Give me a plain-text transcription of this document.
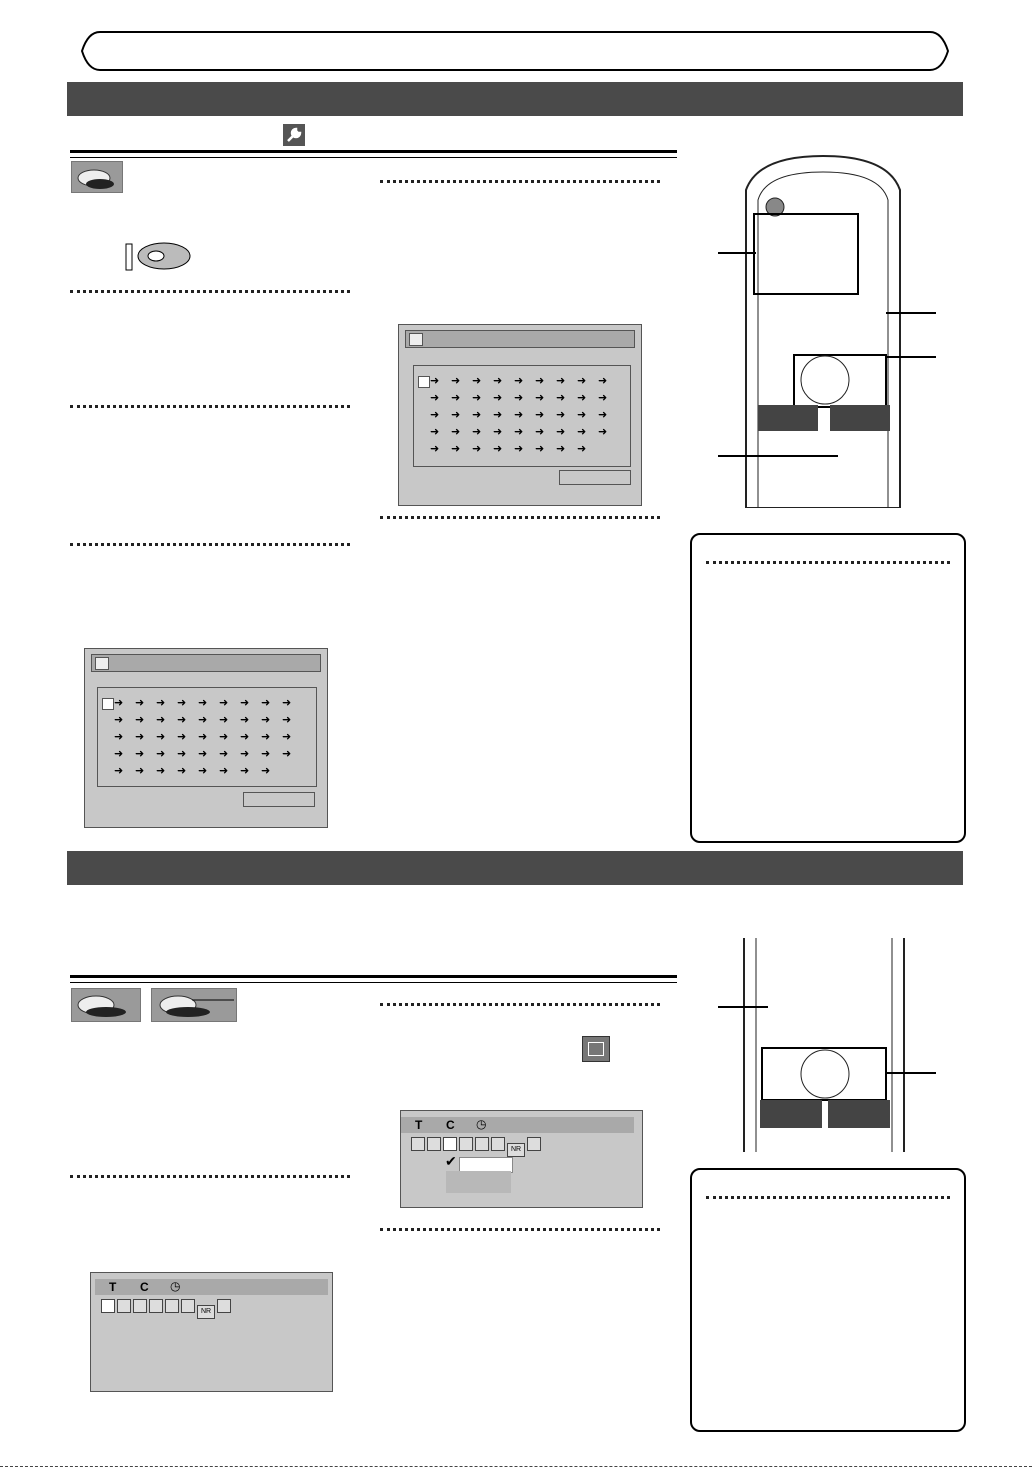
➜ ➜ ➜ ➜ ➜ ➜ ➜ ➜ ➜
➜ ➜ ➜ ➜ ➜ ➜ ➜ ➜ ➜
➜ ➜ ➜ ➜ ➜ ➜ ➜ ➜ ➜
➜ ➜ ➜ ➜ ➜ ➜ ➜ ➜ ➜
➜ ➜ ➜ ➜ ➜ ➜ ➜ ➜
➜ ➜ ➜ ➜ ➜ ➜ ➜ ➜ ➜
➜ ➜ ➜ ➜ ➜ ➜ ➜ ➜ ➜
➜ ➜ ➜ ➜ ➜ ➜ ➜ ➜ ➜
➜ ➜ ➜ ➜ ➜ ➜ ➜ ➜ ➜
➜ ➜ ➜ ➜ ➜ ➜ ➜ ➜
T C ◷
NR
✔
T C ◷
NR
